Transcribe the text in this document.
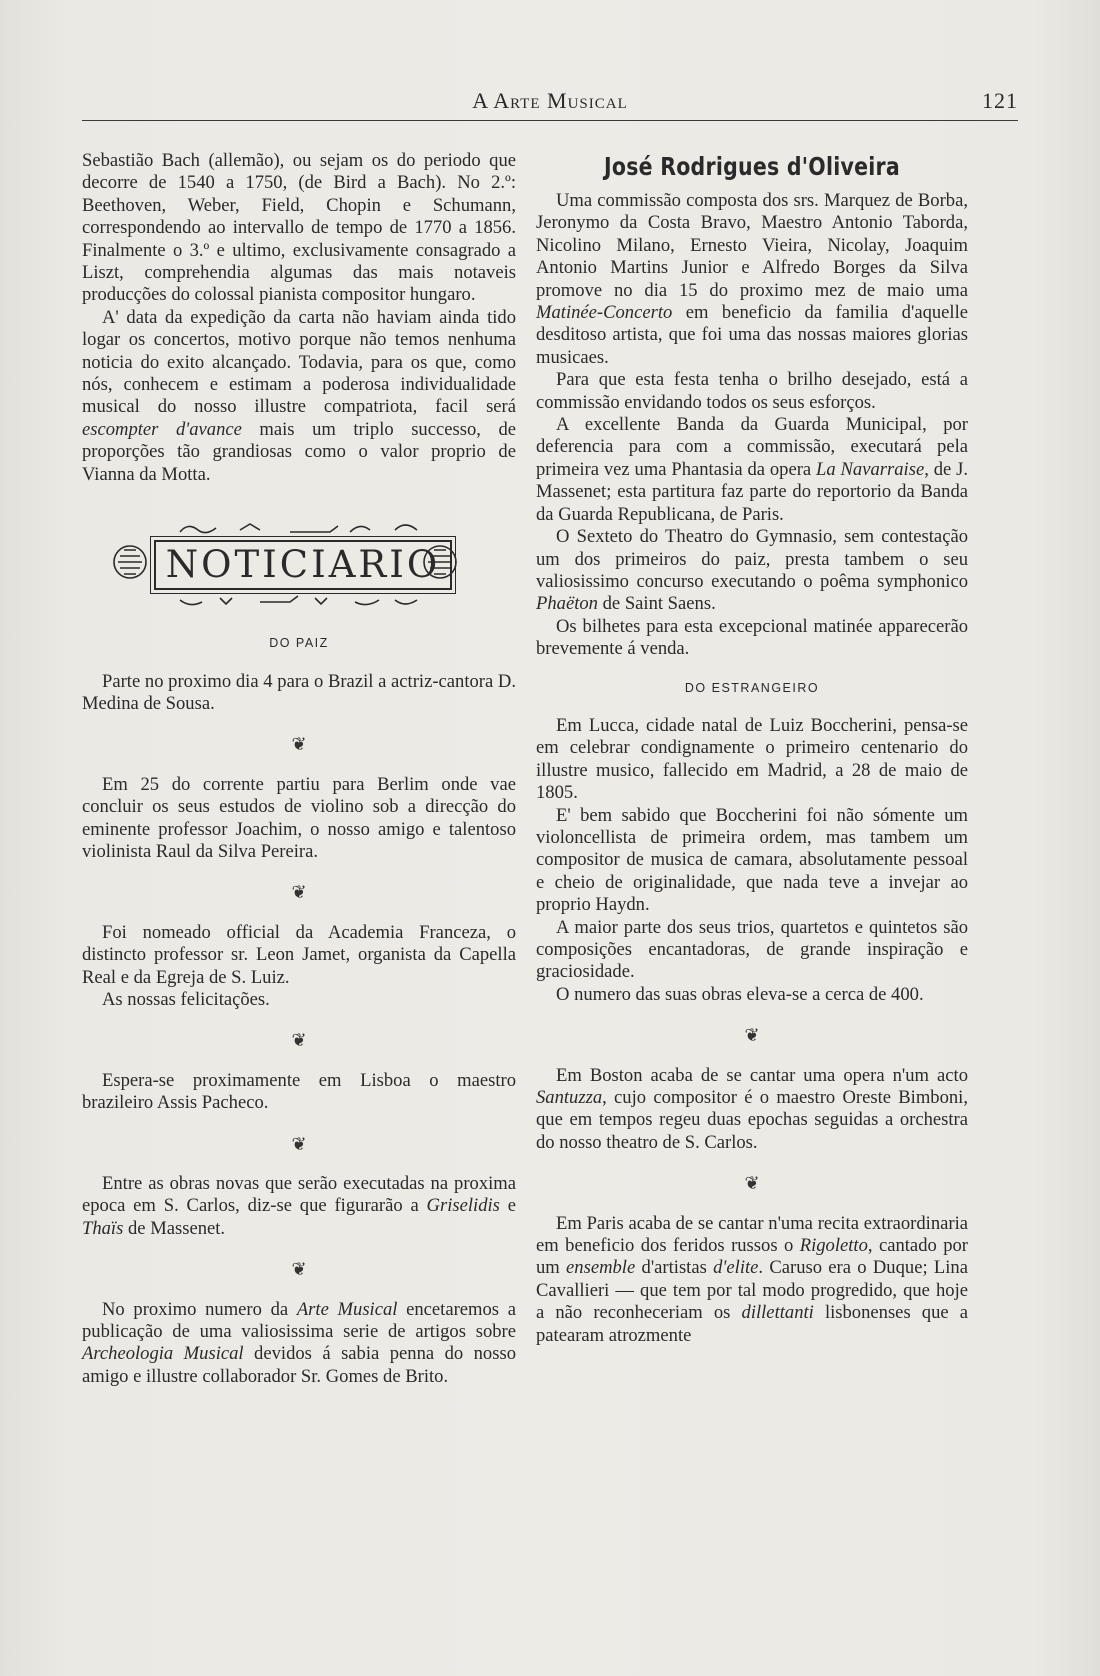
A Arte Musical	121

Sebastião Bach (allemão), ou sejam os do periodo que decorre de 1540 a 1750, (de Bird a Bach). No 2.º: Beethoven, Weber, Field, Chopin e Schumann, correspondendo ao intervallo de tempo de 1770 a 1856. Finalmente o 3.º e ultimo, exclusivamente consagrado a Liszt, comprehendia algumas das mais notaveis producções do colossal pianista compositor hungaro.

A' data da expedição da carta não haviam ainda tido logar os concertos, motivo porque não temos nenhuma noticia do exito alcançado. Todavia, para os que, como nós, conhecem e estimam a poderosa individualidade musical do nosso illustre compatriota, facil será escompter d'avance mais um triplo successo, de proporções tão grandiosas como o valor proprio de Vianna da Motta.

NOTICIARIO
DO PAIZ

Parte no proximo dia 4 para o Brazil a actriz-cantora D. Medina de Sousa.

❦

Em 25 do corrente partiu para Berlim onde vae concluir os seus estudos de violino sob a direcção do eminente professor Joachim, o nosso amigo e talentoso violinista Raul da Silva Pereira.

❦

Foi nomeado official da Academia Franceza, o distincto professor sr. Leon Jamet, organista da Capella Real e da Egreja de S. Luiz.

As nossas felicitações.

❦

Espera-se proximamente em Lisboa o maestro brazileiro Assis Pacheco.

❦

Entre as obras novas que serão executadas na proxima epoca em S. Carlos, diz-se que figurarão a Griselidis e Thaïs de Massenet.

❦

No proximo numero da Arte Musical encetaremos a publicação de uma valiosissima serie de artigos sobre Archeologia Musical devidos á sabia penna do nosso amigo e illustre collaborador Sr. Gomes de Brito.

José Rodrigues d'Oliveira

Uma commissão composta dos srs. Marquez de Borba, Jeronymo da Costa Bravo, Maestro Antonio Taborda, Nicolino Milano, Ernesto Vieira, Nicolay, Joaquim Antonio Martins Junior e Alfredo Borges da Silva promove no dia 15 do proximo mez de maio uma Matinée-Concerto em beneficio da familia d'aquelle desditoso artista, que foi uma das nossas maiores glorias musicaes.

Para que esta festa tenha o brilho desejado, está a commissão envidando todos os seus esforços.

A excellente Banda da Guarda Municipal, por deferencia para com a commissão, executará pela primeira vez uma Phantasia da opera La Navarraise, de J. Massenet; esta partitura faz parte do reportorio da Banda da Guarda Republicana, de Paris.

O Sexteto do Theatro do Gymnasio, sem contestação um dos primeiros do paiz, presta tambem o seu valiosissimo concurso executando o poêma symphonico Phaëton de Saint Saens.

Os bilhetes para esta excepcional matinée apparecerão brevemente á venda.

DO ESTRANGEIRO

Em Lucca, cidade natal de Luiz Boccherini, pensa-se em celebrar condignamente o primeiro centenario do illustre musico, fallecido em Madrid, a 28 de maio de 1805.

E' bem sabido que Boccherini foi não sómente um violoncellista de primeira ordem, mas tambem um compositor de musica de camara, absolutamente pessoal e cheio de originalidade, que nada teve a invejar ao proprio Haydn.

A maior parte dos seus trios, quartetos e quintetos são composições encantadoras, de grande inspiração e graciosidade.

O numero das suas obras eleva-se a cerca de 400.

❦

Em Boston acaba de se cantar uma opera n'um acto Santuzza, cujo compositor é o maestro Oreste Bimboni, que em tempos regeu duas epochas seguidas a orchestra do nosso theatro de S. Carlos.

❦

Em Paris acaba de se cantar n'uma recita extraordinaria em beneficio dos feridos russos o Rigoletto, cantado por um ensemble d'artistas d'elite. Caruso era o Duque; Lina Cavallieri — que tem por tal modo progredido, que hoje a não reconheceriam os dillettanti lisbonenses que a patearam atrozmente
